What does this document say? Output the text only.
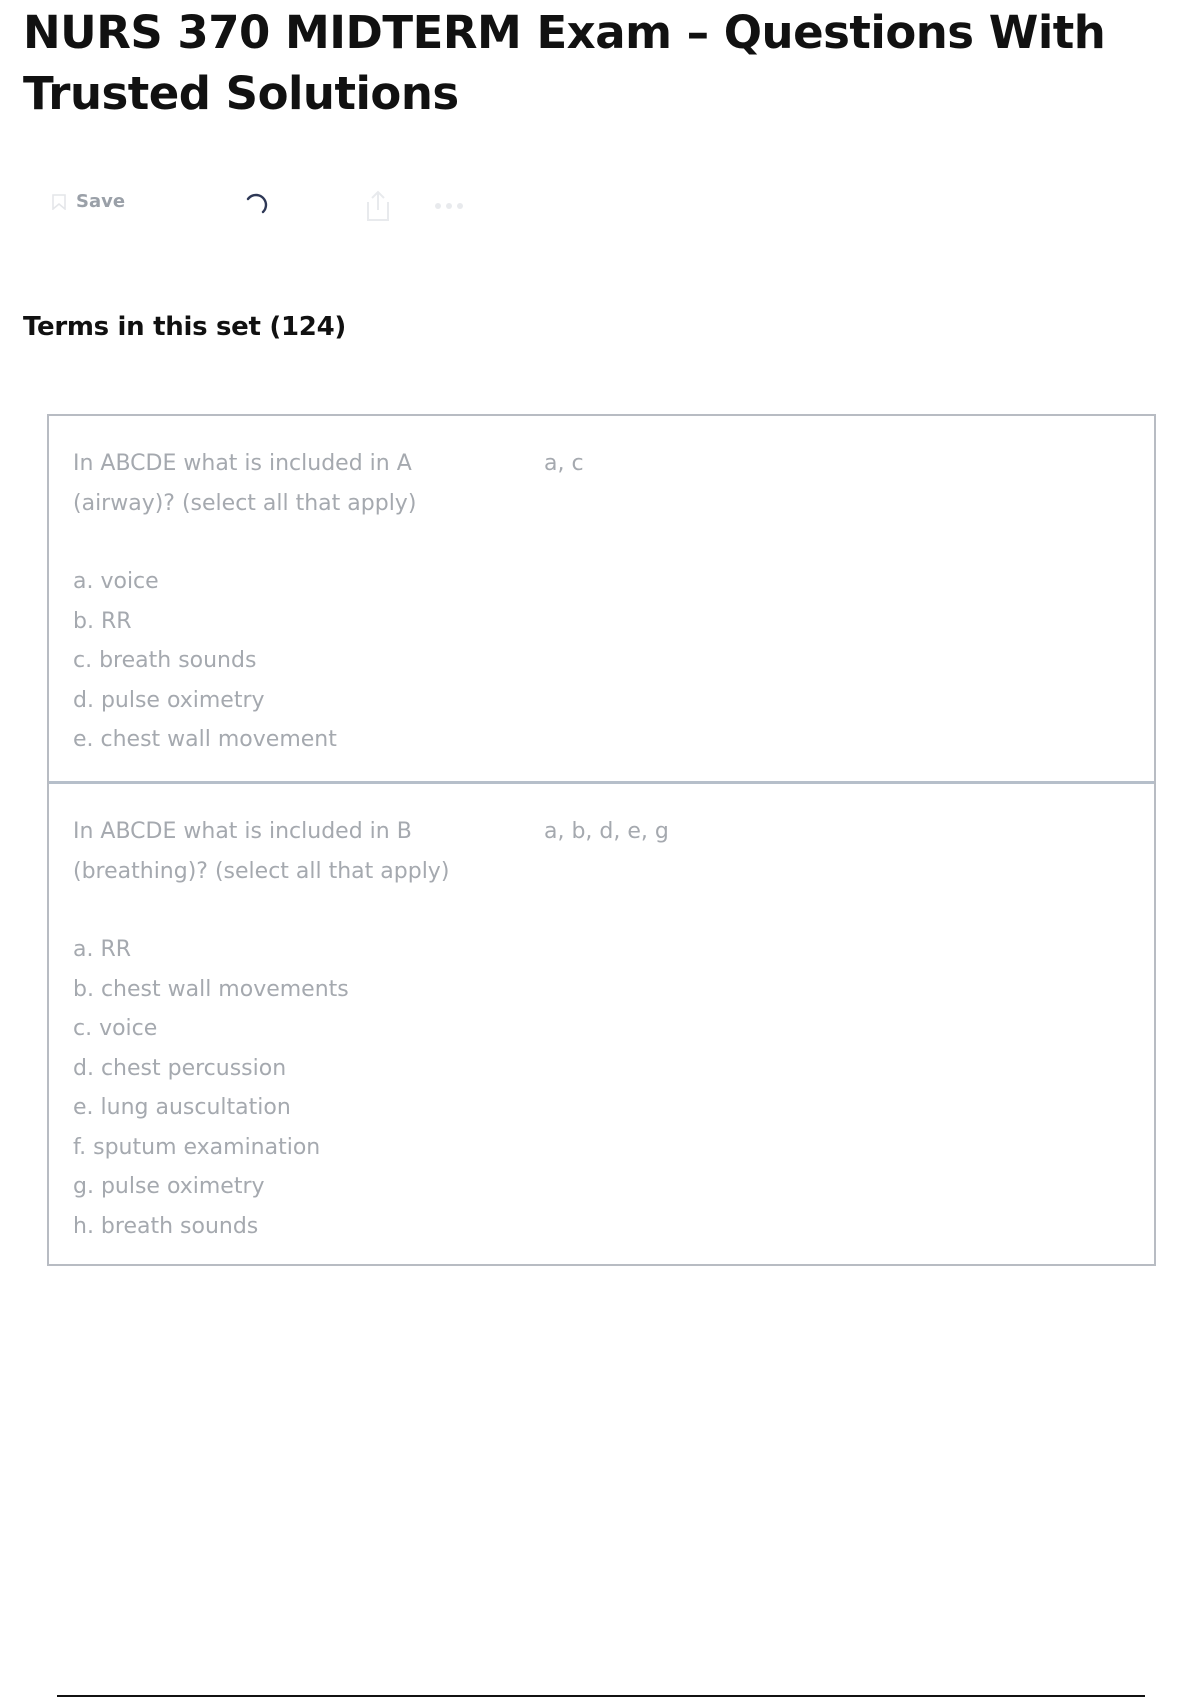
NURS 370 MIDTERM Exam – Questions With Trusted Solutions
Save
Terms in this set (124)
In ABCDE what is included in A (airway)? (select all that apply)
a. voice
b. RR
c. breath sounds
d. pulse oximetry
e. chest wall movement
a, c
In ABCDE what is included in B (breathing)? (select all that apply)
a. RR
b. chest wall movements
c. voice
d. chest percussion
e. lung auscultation
f. sputum examination
g. pulse oximetry
h. breath sounds
a, b, d, e, g
